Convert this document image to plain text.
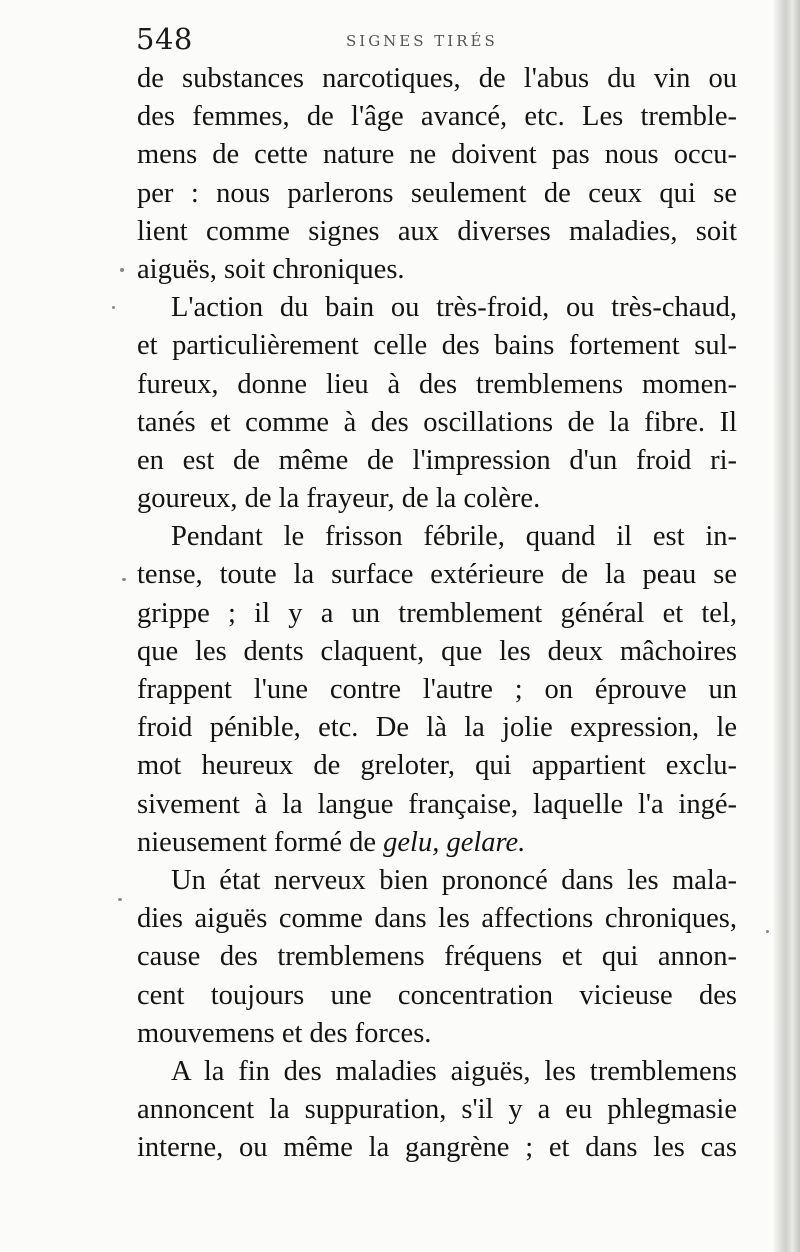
548	SIGNES TIRÉS
de substances narcotiques, de l'abus du vin ou
des femmes, de l'âge avancé, etc. Les tremble-
mens de cette nature ne doivent pas nous occu-
per : nous parlerons seulement de ceux qui se
lient comme signes aux diverses maladies, soit
aiguës, soit chroniques.
L'action du bain ou très-froid, ou très-chaud,
et particulièrement celle des bains fortement sul-
fureux, donne lieu à des tremblemens momen-
tanés et comme à des oscillations de la fibre. Il
en est de même de l'impression d'un froid ri-
goureux, de la frayeur, de la colère.
Pendant le frisson fébrile, quand il est in-
tense, toute la surface extérieure de la peau se
grippe ; il y a un tremblement général et tel,
que les dents claquent, que les deux mâchoires
frappent l'une contre l'autre ; on éprouve un
froid pénible, etc. De là la jolie expression, le
mot heureux de greloter, qui appartient exclu-
sivement à la langue française, laquelle l'a ingé-
nieusement formé de gelu, gelare.
Un état nerveux bien prononcé dans les mala-
dies aiguës comme dans les affections chroniques,
cause des tremblemens fréquens et qui annon-
cent toujours une concentration vicieuse des
mouvemens et des forces.
A la fin des maladies aiguës, les tremblemens
annoncent la suppuration, s'il y a eu phlegmasie
interne, ou même la gangrène ; et dans les cas
